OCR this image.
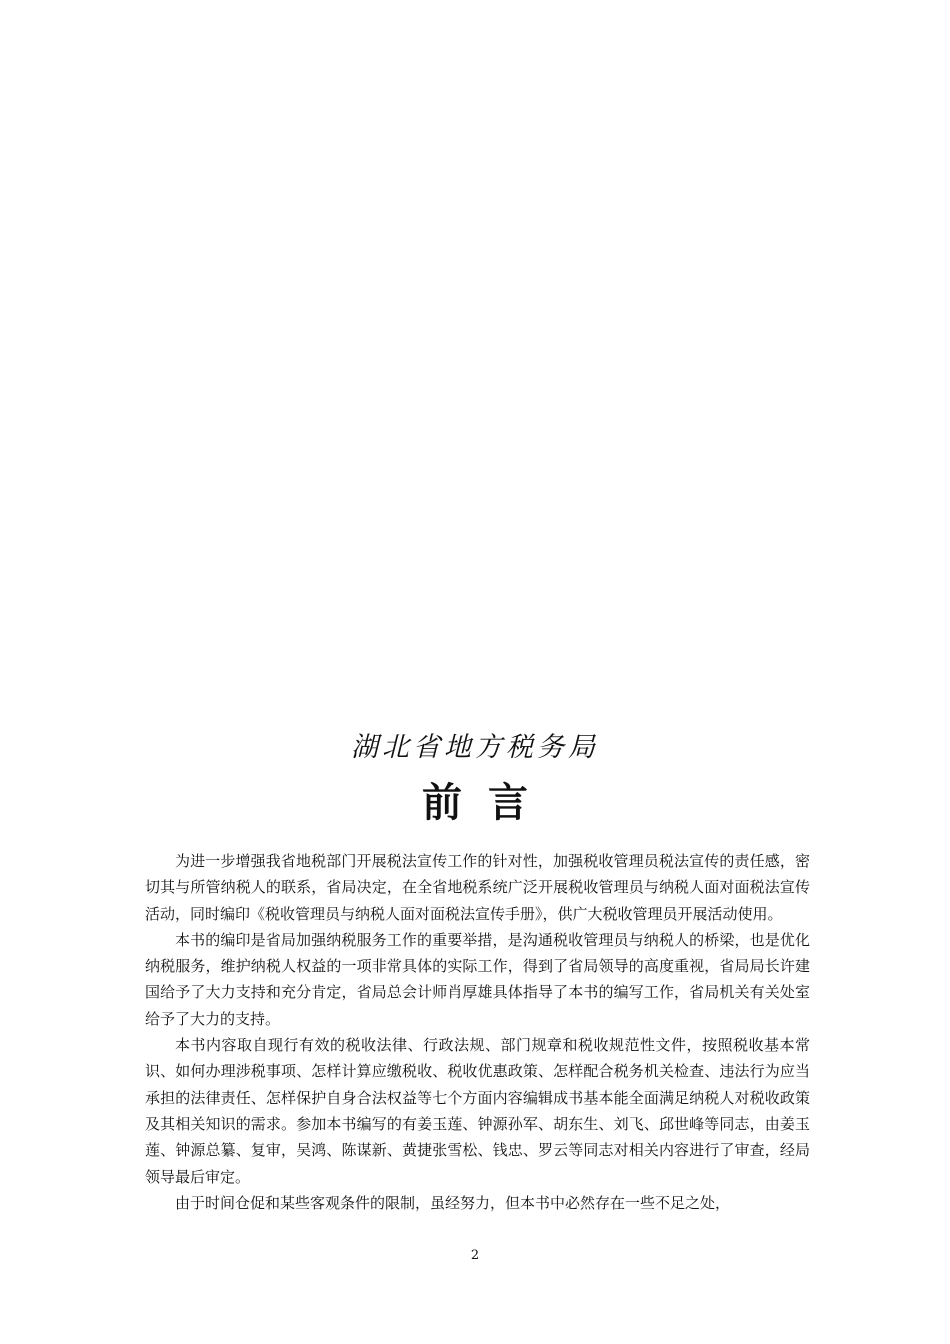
湖北省地方税务局
前言

为进一步增强我省地税部门开展税法宣传工作的针对性，加强税收管理员税法宣传的责任感，密切其与所管纳税人的联系，省局决定，在全省地税系统广泛开展税收管理员与纳税人面对面税法宣传活动，同时编印《税收管理员与纳税人面对面税法宣传手册》，供广大税收管理员开展活动使用。

本书的编印是省局加强纳税服务工作的重要举措，是沟通税收管理员与纳税人的桥梁，也是优化纳税服务，维护纳税人权益的一项非常具体的实际工作，得到了省局领导的高度重视，省局局长许建国给予了大力支持和充分肯定，省局总会计师肖厚雄具体指导了本书的编写工作，省局机关有关处室给予了大力的支持。

本书内容取自现行有效的税收法律、行政法规、部门规章和税收规范性文件，按照税收基本常识、如何办理涉税事项、怎样计算应缴税收、税收优惠政策、怎样配合税务机关检查、违法行为应当承担的法律责任、怎样保护自身合法权益等七个方面内容编辑成书基本能全面满足纳税人对税收政策及其相关知识的需求。参加本书编写的有姜玉莲、钟源孙军、胡东生、刘飞、邱世峰等同志，由姜玉莲、钟源总纂、复审，吴鸿、陈谋新、黄捷张雪松、钱忠、罗云等同志对相关内容进行了审查，经局领导最后审定。

由于时间仓促和某些客观条件的限制，虽经努力，但本书中必然存在一些不足之处，

2
